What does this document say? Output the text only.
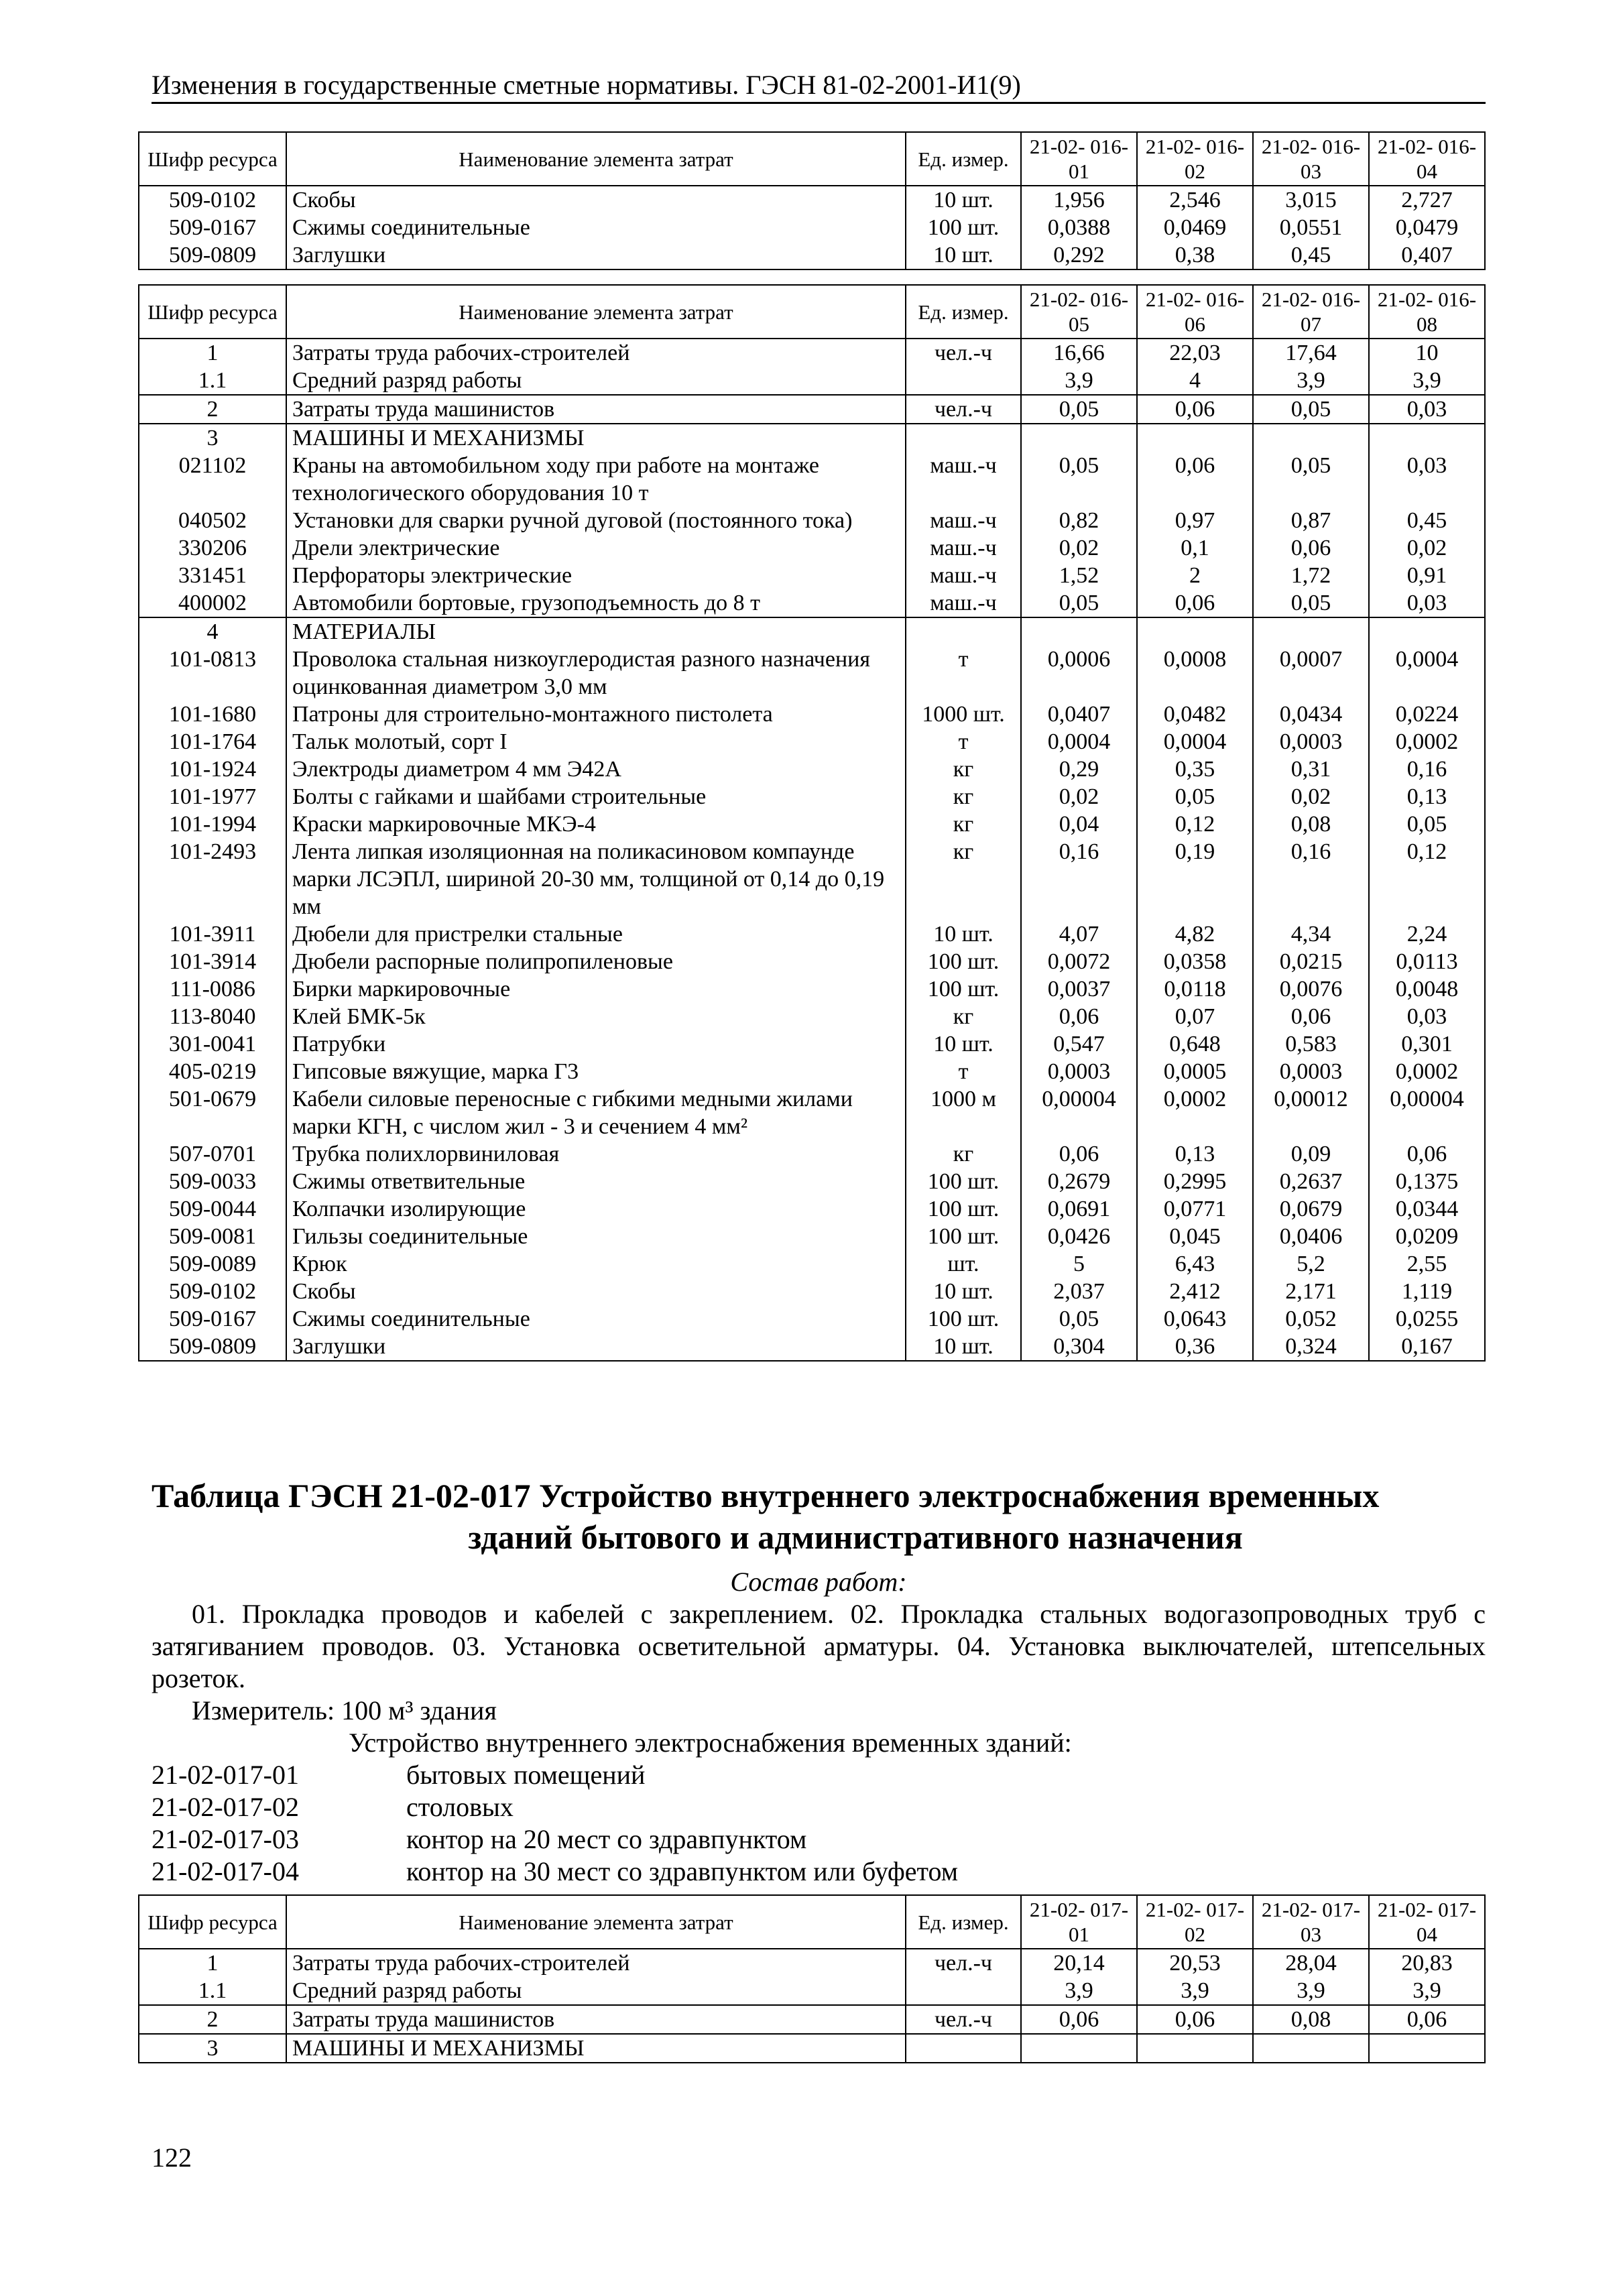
Изменения в государственные сметные нормативы. ГЭСН 81-02-2001-И1(9)
Шифр ресурса	Наименование элемента затрат	Ед. измер.	21-02- 016-01	21-02- 016-02	21-02- 016-03	21-02- 016-04
509-0102	Скобы	10 шт.	1,956	2,546	3,015	2,727
509-0167	Сжимы соединительные	100 шт.	0,0388	0,0469	0,0551	0,0479
509-0809	Заглушки	10 шт.	0,292	0,38	0,45	0,407
Шифр ресурса	Наименование элемента затрат	Ед. измер.	21-02- 016-05	21-02- 016-06	21-02- 016-07	21-02- 016-08
1	Затраты труда рабочих-строителей	чел.-ч	16,66	22,03	17,64	10
1.1	Средний разряд работы		3,9	4	3,9	3,9
2	Затраты труда машинистов	чел.-ч	0,05	0,06	0,05	0,03
3	МАШИНЫ И МЕХАНИЗМЫ					
021102	Краны на автомобильном ходу при работе на монтаже технологического оборудования 10 т	маш.-ч	0,05	0,06	0,05	0,03
040502	Установки для сварки ручной дуговой (постоянного тока)	маш.-ч	0,82	0,97	0,87	0,45
330206	Дрели электрические	маш.-ч	0,02	0,1	0,06	0,02
331451	Перфораторы электрические	маш.-ч	1,52	2	1,72	0,91
400002	Автомобили бортовые, грузоподъемность до 8 т	маш.-ч	0,05	0,06	0,05	0,03
4	МАТЕРИАЛЫ					
101-0813	Проволока стальная низкоуглеродистая разного назначения оцинкованная диаметром 3,0 мм	т	0,0006	0,0008	0,0007	0,0004
101-1680	Патроны для строительно-монтажного пистолета	1000 шт.	0,0407	0,0482	0,0434	0,0224
101-1764	Тальк молотый, сорт I	т	0,0004	0,0004	0,0003	0,0002
101-1924	Электроды диаметром 4 мм Э42А	кг	0,29	0,35	0,31	0,16
101-1977	Болты с гайками и шайбами строительные	кг	0,02	0,05	0,02	0,13
101-1994	Краски маркировочные МКЭ-4	кг	0,04	0,12	0,08	0,05
101-2493	Лента липкая изоляционная на поликасиновом компаунде марки ЛСЭПЛ, шириной 20-30 мм, толщиной от 0,14 до 0,19 мм	кг	0,16	0,19	0,16	0,12
101-3911	Дюбели для пристрелки стальные	10 шт.	4,07	4,82	4,34	2,24
101-3914	Дюбели распорные полипропиленовые	100 шт.	0,0072	0,0358	0,0215	0,0113
111-0086	Бирки маркировочные	100 шт.	0,0037	0,0118	0,0076	0,0048
113-8040	Клей БМК-5к	кг	0,06	0,07	0,06	0,03
301-0041	Патрубки	10 шт.	0,547	0,648	0,583	0,301
405-0219	Гипсовые вяжущие, марка Г3	т	0,0003	0,0005	0,0003	0,0002
501-0679	Кабели силовые переносные с гибкими медными жилами марки КГН, с числом жил - 3 и сечением 4 мм²	1000 м	0,00004	0,0002	0,00012	0,00004
507-0701	Трубка полихлорвиниловая	кг	0,06	0,13	0,09	0,06
509-0033	Сжимы ответвительные	100 шт.	0,2679	0,2995	0,2637	0,1375
509-0044	Колпачки изолирующие	100 шт.	0,0691	0,0771	0,0679	0,0344
509-0081	Гильзы соединительные	100 шт.	0,0426	0,045	0,0406	0,0209
509-0089	Крюк	шт.	5	6,43	5,2	2,55
509-0102	Скобы	10 шт.	2,037	2,412	2,171	1,119
509-0167	Сжимы соединительные	100 шт.	0,05	0,0643	0,052	0,0255
509-0809	Заглушки	10 шт.	0,304	0,36	0,324	0,167
Таблица ГЭСН 21-02-017 Устройство внутреннего электроснабжения временных
зданий бытового и административного назначения
Состав работ:
01. Прокладка проводов и кабелей с закреплением. 02. Прокладка стальных водогазопроводных труб с затягиванием проводов. 03. Установка осветительной арматуры. 04. Установка выключателей, штепсельных розеток.
Измеритель: 100 м³ здания
Устройство внутреннего электроснабжения временных зданий:
21-02-017-01	бытовых помещений
21-02-017-02	столовых
21-02-017-03	контор на 20 мест со здравпунктом
21-02-017-04	контор на 30 мест со здравпунктом или буфетом
Шифр ресурса	Наименование элемента затрат	Ед. измер.	21-02- 017-01	21-02- 017-02	21-02- 017-03	21-02- 017-04
1	Затраты труда рабочих-строителей	чел.-ч	20,14	20,53	28,04	20,83
1.1	Средний разряд работы		3,9	3,9	3,9	3,9
2	Затраты труда машинистов	чел.-ч	0,06	0,06	0,08	0,06
3	МАШИНЫ И МЕХАНИЗМЫ					
122
